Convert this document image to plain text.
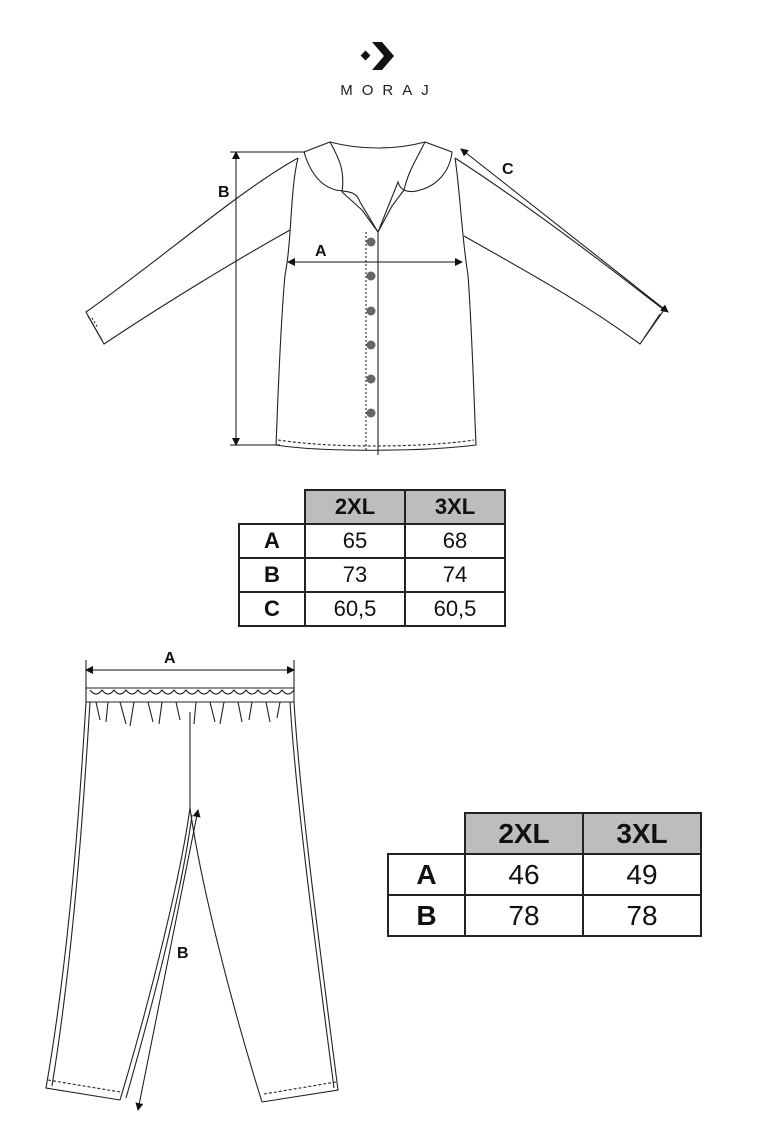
MORAJ
A
B
C
	2XL	3XL
A	65	68
B	73	74
C	60,5	60,5
A
B
	2XL	3XL
A	46	49
B	78	78
